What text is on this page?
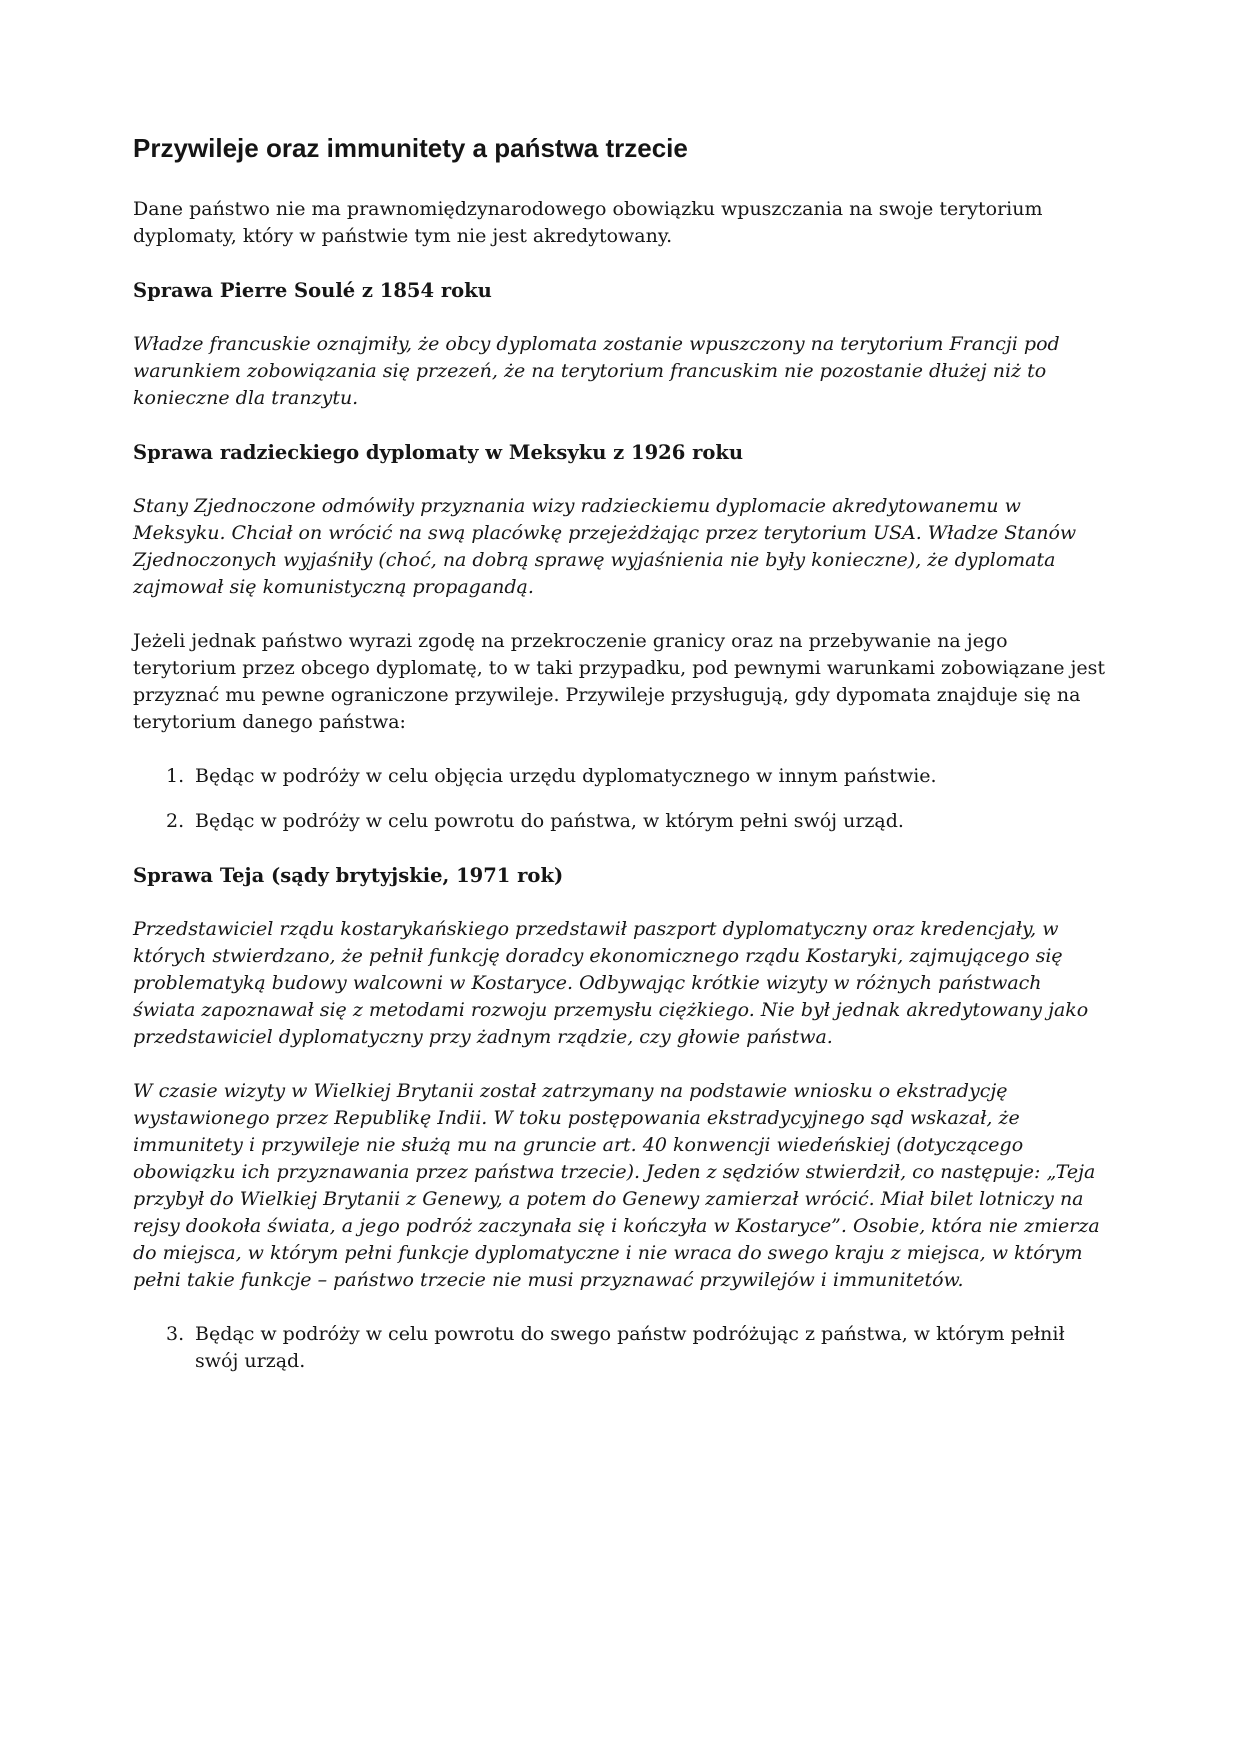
Przywileje oraz immunitety a państwa trzecie

Dane państwo nie ma prawnomiędzynarodowego obowiązku wpuszczania na swoje terytorium dyplomaty, który w państwie tym nie jest akredytowany.

Sprawa Pierre Soulé z 1854 roku

Władze francuskie oznajmiły, że obcy dyplomata zostanie wpuszczony na terytorium Francji pod warunkiem zobowiązania się przezeń, że na terytorium francuskim nie pozostanie dłużej niż to konieczne dla tranzytu.

Sprawa radzieckiego dyplomaty w Meksyku z 1926 roku

Stany Zjednoczone odmówiły przyznania wizy radzieckiemu dyplomacie akredytowanemu w Meksyku. Chciał on wrócić na swą placówkę przejeżdżając przez terytorium USA. Władze Stanów Zjednoczonych wyjaśniły (choć, na dobrą sprawę wyjaśnienia nie były konieczne), że dyplomata zajmował się komunistyczną propagandą.

Jeżeli jednak państwo wyrazi zgodę na przekroczenie granicy oraz na przebywanie na jego terytorium przez obcego dyplomatę, to w taki przypadku, pod pewnymi warunkami zobowiązane jest przyznać mu pewne ograniczone przywileje. Przywileje przysługują, gdy dypomata znajduje się na terytorium danego państwa:

1. Będąc w podróży w celu objęcia urzędu dyplomatycznego w innym państwie.
2. Będąc w podróży w celu powrotu do państwa, w którym pełni swój urząd.
Sprawa Teja (sądy brytyjskie, 1971 rok)

Przedstawiciel rządu kostarykańskiego przedstawił paszport dyplomatyczny oraz kredencjały, w których stwierdzano, że pełnił funkcję doradcy ekonomicznego rządu Kostaryki, zajmującego się problematyką budowy walcowni w Kostaryce. Odbywając krótkie wizyty w różnych państwach świata zapoznawał się z metodami rozwoju przemysłu ciężkiego. Nie był jednak akredytowany jako przedstawiciel dyplomatyczny przy żadnym rządzie, czy głowie państwa.

W czasie wizyty w Wielkiej Brytanii został zatrzymany na podstawie wniosku o ekstradycję wystawionego przez Republikę Indii. W toku postępowania ekstradycyjnego sąd wskazał, że immunitety i przywileje nie służą mu na gruncie art. 40 konwencji wiedeńskiej (dotyczącego obowiązku ich przyznawania przez państwa trzecie). Jeden z sędziów stwierdził, co następuje: „Teja przybył do Wielkiej Brytanii z Genewy, a potem do Genewy zamierzał wrócić. Miał bilet lotniczy na rejsy dookoła świata, a jego podróż zaczynała się i kończyła w Kostaryce”. Osobie, która nie zmierza do miejsca, w którym pełni funkcje dyplomatyczne i nie wraca do swego kraju z miejsca, w którym pełni takie funkcje – państwo trzecie nie musi przyznawać przywilejów i immunitetów.

3. Będąc w podróży w celu powrotu do swego państw podróżując z państwa, w którym pełnił swój urząd.
